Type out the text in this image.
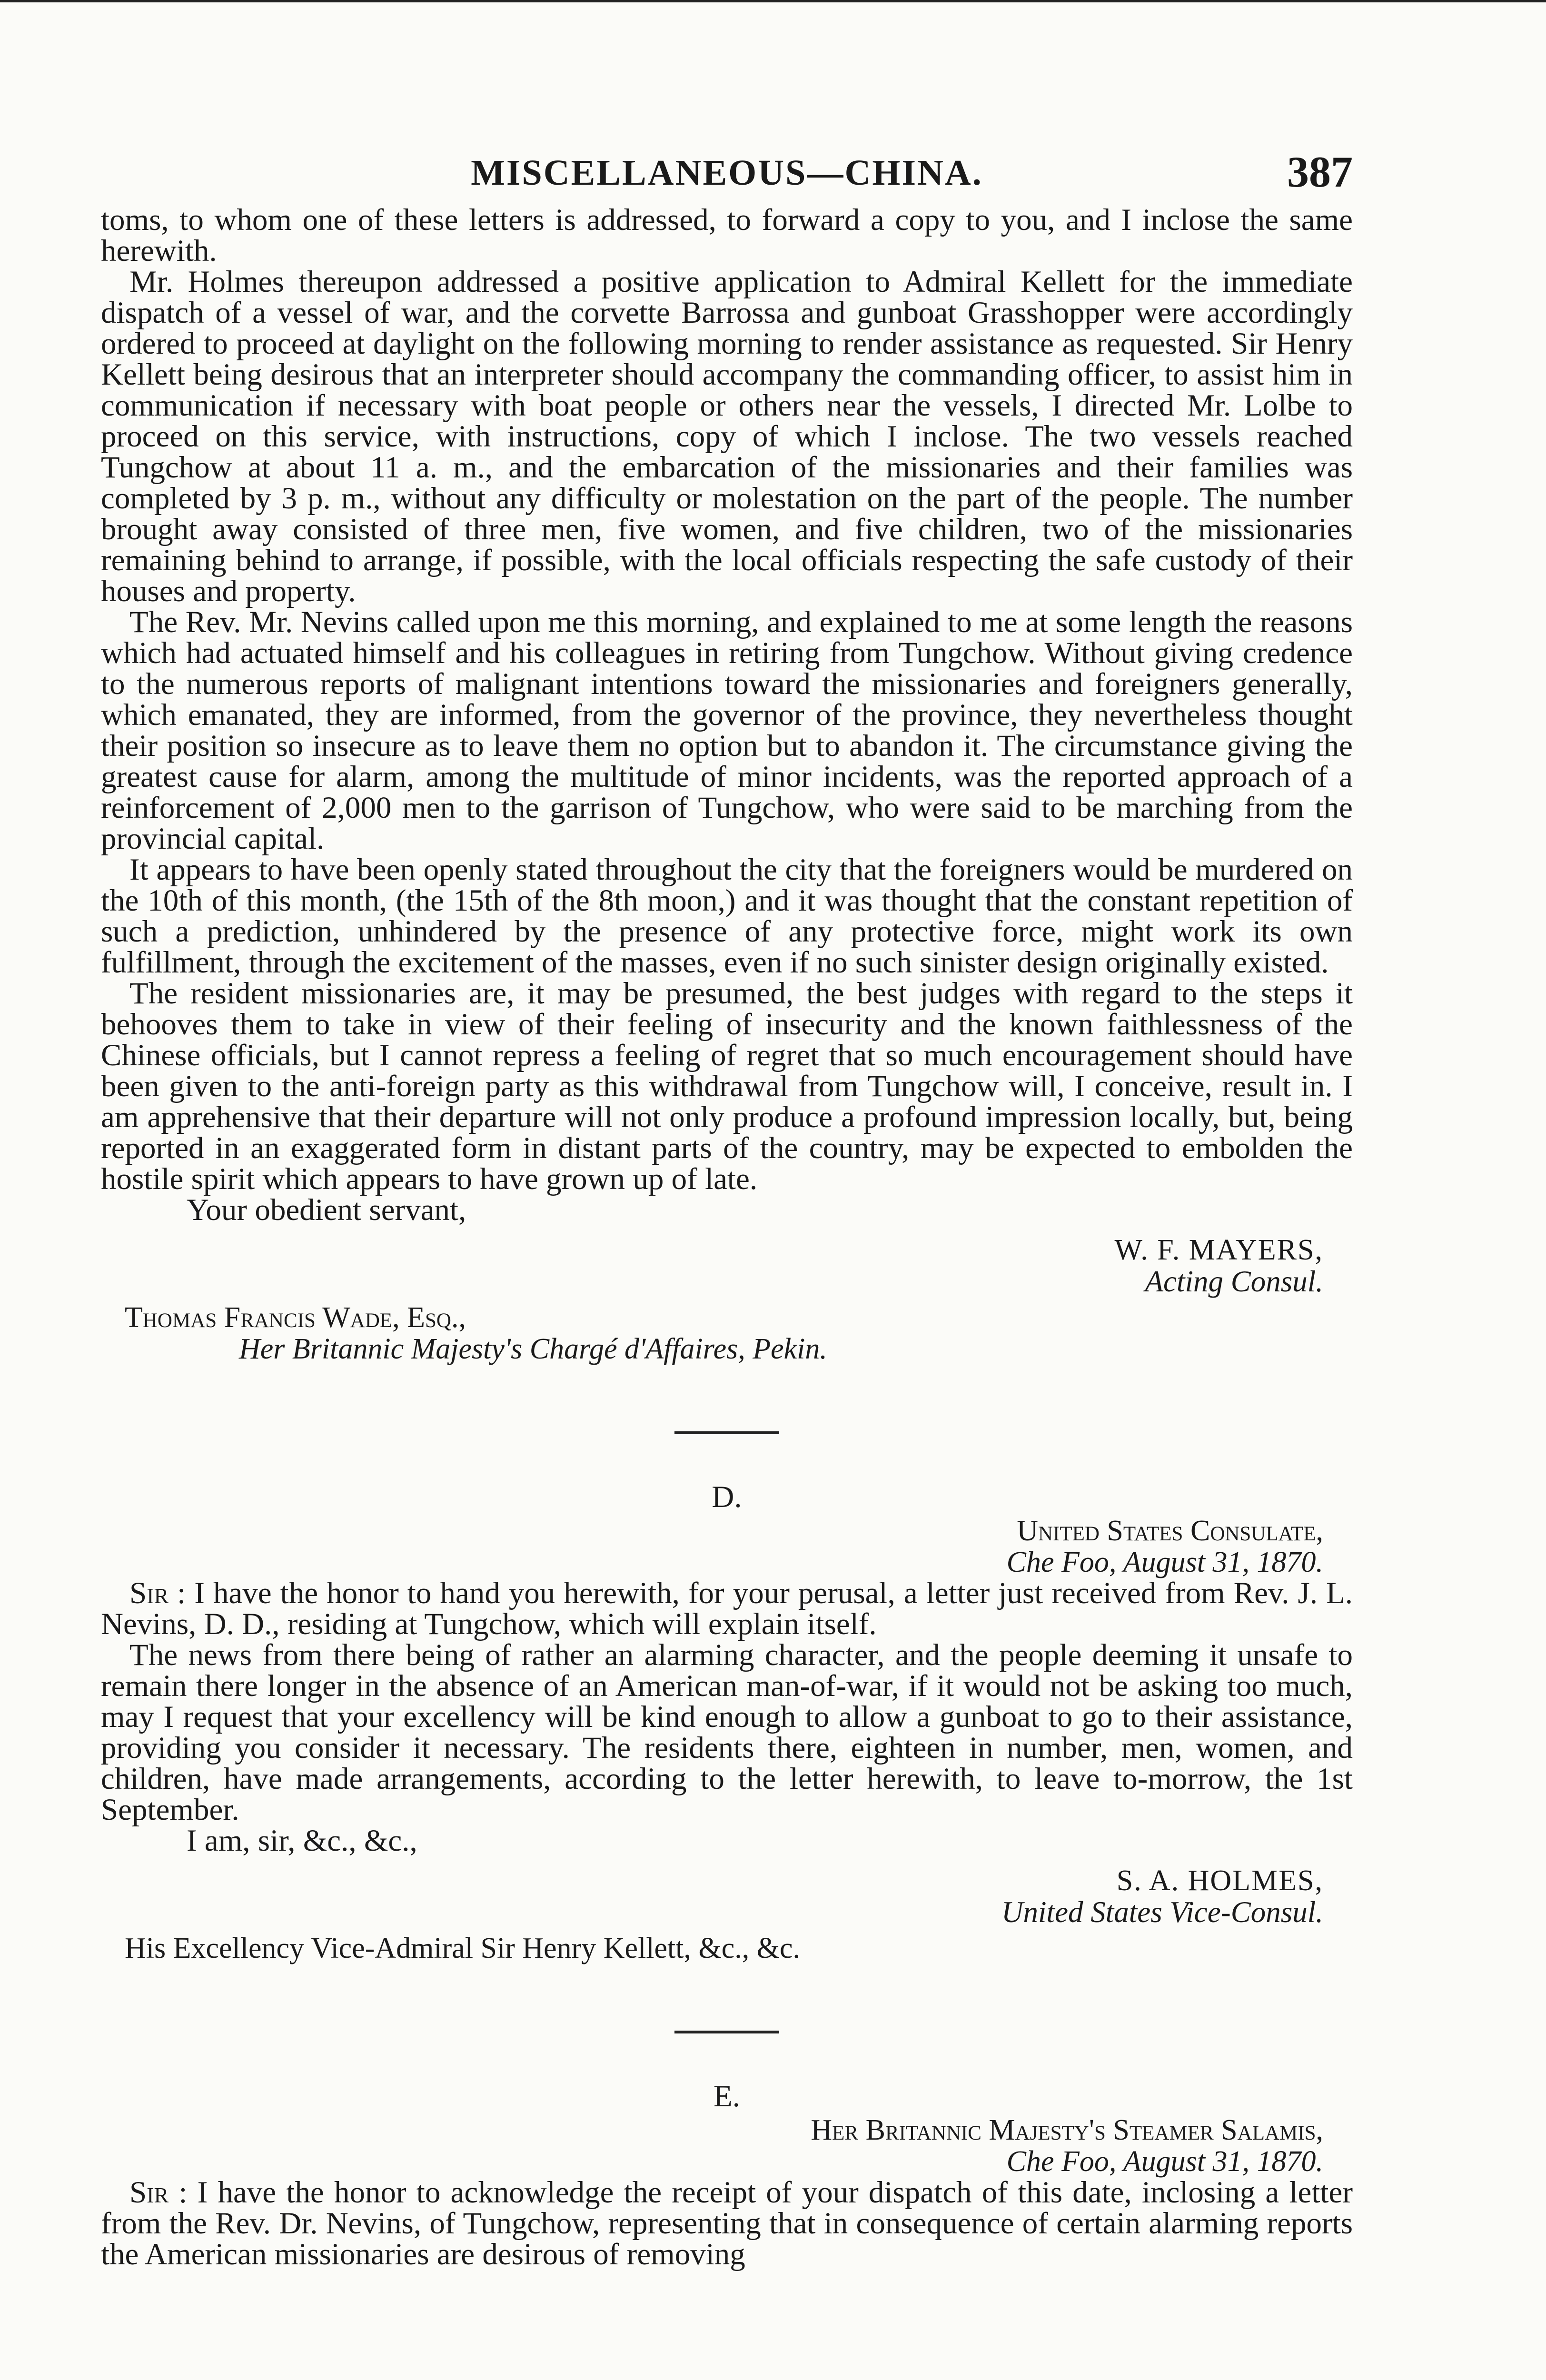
MISCELLANEOUS—CHINA.	387

toms, to whom one of these letters is addressed, to forward a copy to you, and I inclose the same herewith.

Mr. Holmes thereupon addressed a positive application to Admiral Kellett for the immediate dispatch of a vessel of war, and the corvette Barrossa and gunboat Grasshopper were accordingly ordered to proceed at daylight on the following morning to render assistance as requested. Sir Henry Kellett being desirous that an interpreter should accompany the commanding officer, to assist him in communication if necessary with boat people or others near the vessels, I directed Mr. Lolbe to proceed on this service, with instructions, copy of which I inclose. The two vessels reached Tungchow at about 11 a. m., and the embarcation of the missionaries and their families was completed by 3 p. m., without any difficulty or molestation on the part of the people. The number brought away consisted of three men, five women, and five children, two of the missionaries remaining behind to arrange, if possible, with the local officials respecting the safe custody of their houses and property.

The Rev. Mr. Nevins called upon me this morning, and explained to me at some length the reasons which had actuated himself and his colleagues in retiring from Tungchow. Without giving credence to the numerous reports of malignant intentions toward the missionaries and foreigners generally, which emanated, they are informed, from the governor of the province, they nevertheless thought their position so insecure as to leave them no option but to abandon it. The circumstance giving the greatest cause for alarm, among the multitude of minor incidents, was the reported approach of a reinforcement of 2,000 men to the garrison of Tungchow, who were said to be marching from the provincial capital.

It appears to have been openly stated throughout the city that the foreigners would be murdered on the 10th of this month, (the 15th of the 8th moon,) and it was thought that the constant repetition of such a prediction, unhindered by the presence of any protective force, might work its own fulfillment, through the excitement of the masses, even if no such sinister design originally existed.

The resident missionaries are, it may be presumed, the best judges with regard to the steps it behooves them to take in view of their feeling of insecurity and the known faithlessness of the Chinese officials, but I cannot repress a feeling of regret that so much encouragement should have been given to the anti-foreign party as this withdrawal from Tungchow will, I conceive, result in. I am apprehensive that their departure will not only produce a profound impression locally, but, being reported in an exaggerated form in distant parts of the country, may be expected to embolden the hostile spirit which appears to have grown up of late.

Your obedient servant,
W. F. MAYERS,
Acting Consul.
Thomas Francis Wade, Esq.,
Her Britannic Majesty's Chargé d'Affaires, Pekin.
D.
United States Consulate,
Che Foo, August 31, 1870.

Sir : I have the honor to hand you herewith, for your perusal, a letter just received from Rev. J. L. Nevins, D. D., residing at Tungchow, which will explain itself.

The news from there being of rather an alarming character, and the people deeming it unsafe to remain there longer in the absence of an American man-of-war, if it would not be asking too much, may I request that your excellency will be kind enough to allow a gunboat to go to their assistance, providing you consider it necessary. The residents there, eighteen in number, men, women, and children, have made arrangements, according to the letter herewith, to leave to-morrow, the 1st September.

I am, sir, &c., &c.,
S. A. HOLMES,
United States Vice-Consul.
His Excellency Vice-Admiral Sir Henry Kellett, &c., &c.
E.
Her Britannic Majesty's Steamer Salamis,
Che Foo, August 31, 1870.

Sir : I have the honor to acknowledge the receipt of your dispatch of this date, inclosing a letter from the Rev. Dr. Nevins, of Tungchow, representing that in consequence of certain alarming reports the American missionaries are desirous of removing
